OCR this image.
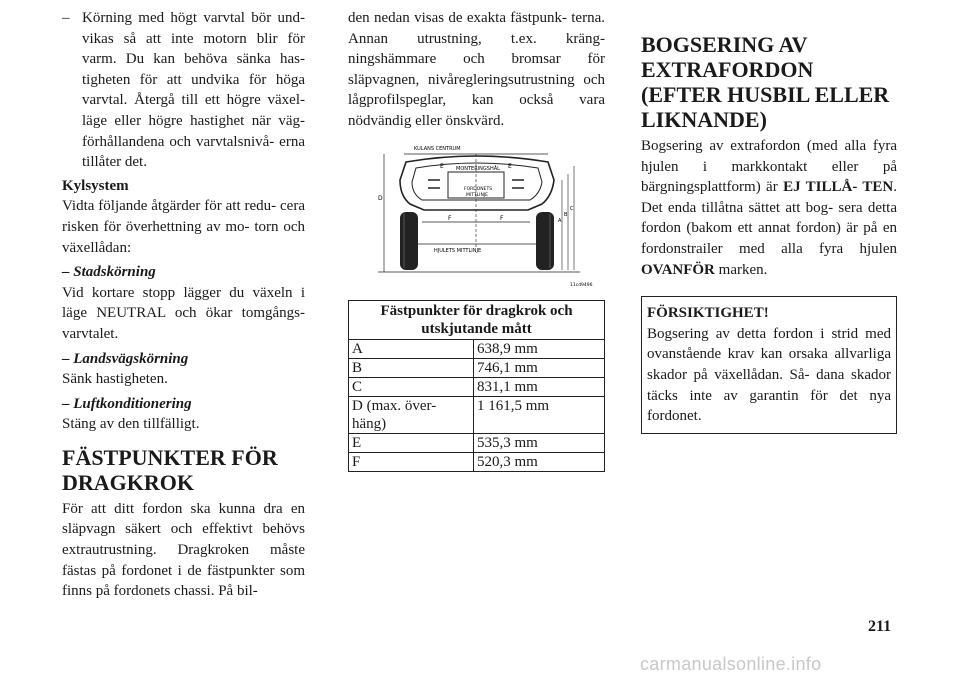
– Körning med högt varvtal bör und- vikas så att inte motorn blir för varm. Du kan behöva sänka has- tigheten för att undvika för höga varvtal. Återgå till ett högre växel- läge eller högre hastighet när väg- förhållandena och varvtalsnivå- erna tillåter det.

Kylsystem

Vidta följande åtgärder för att redu- cera risken för överhettning av mo- torn och växellådan:

– Stadskörning

Vid kortare stopp lägger du växeln i läge NEUTRAL och ökar tomgångs- varvtalet.

– Landsvägskörning

Sänk hastigheten.

– Luftkonditionering

Stäng av den tillfälligt.

FÄSTPUNKTER FÖR DRAGKROK

För att ditt fordon ska kunna dra en släpvagn säkert och effektivt behövs extrautrustning. Dragkroken måste fästas på fordonet i de fästpunkter som finns på fordonets chassi. På bil-

den nedan visas de exakta fästpunk- terna. Annan utrustning, t.ex. kräng- ningshämmare och bromsar för släpvagnen, nivåregleringsutrustning och lågprofilspeglar, kan också vara nödvändig eller önskvärd.

KULANS CENTRUM
E	E
MONTERINGSHÅL
FORDONETS
MITTLINJE
F	F
HJULETS MITTLINJE
D
A
B
C
11cd9496
Fästpunkter för dragkrok och utskjutande mått	
A	638,9 mm
B	746,1 mm
C	831,1 mm
D (max. över- häng)	1 161,5 mm
E	535,3 mm
F	520,3 mm

BOGSERING AV EXTRAFORDON (EFTER HUSBIL ELLER LIKNANDE)

Bogsering av extrafordon (med alla fyra hjulen i markkontakt eller på bärgningsplattform) är EJ TILLÅ- TEN. Det enda tillåtna sättet att bog- sera detta fordon (bakom ett annat fordon) är på en fordonstrailer med alla fyra hjulen OVANFÖR marken.

FÖRSIKTIGHET!

Bogsering av detta fordon i strid med ovanstående krav kan orsaka allvarliga skador på växellådan. Så- dana skador täcks inte av garantin för det nya fordonet.

211
carmanualsonline.info
